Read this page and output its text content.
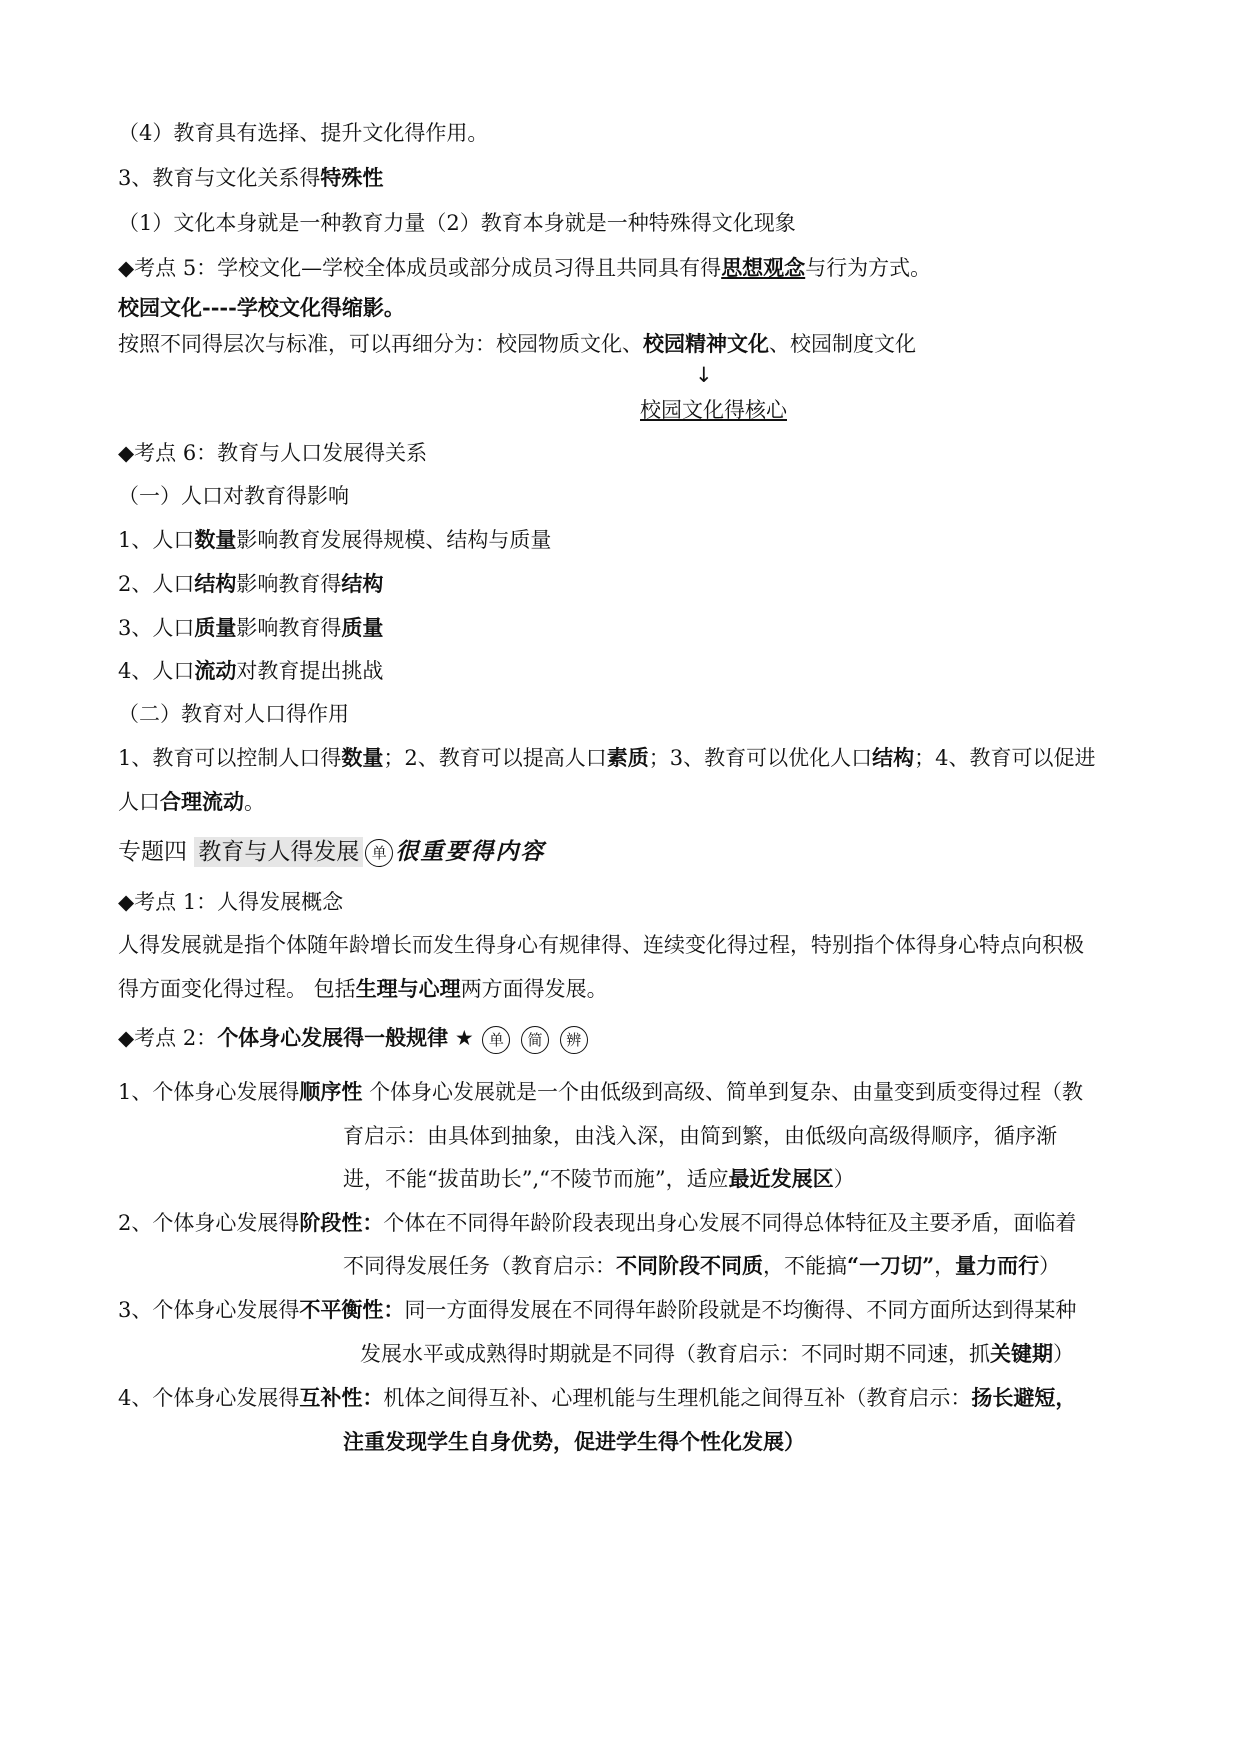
（4）教育具有选择、提升文化得作用。
3、教育与文化关系得特殊性
（1）文化本身就是一种教育力量（2）教育本身就是一种特殊得文化现象
◆考点 5：学校文化—学校全体成员或部分成员习得且共同具有得思想观念与行为方式。
校园文化----学校文化得缩影。
按照不同得层次与标准，可以再细分为：校园物质文化、校园精神文化、校园制度文化
↓
校园文化得核心
◆考点 6：教育与人口发展得关系
（一）人口对教育得影响
1、人口数量影响教育发展得规模、结构与质量
2、人口结构影响教育得结构
3、人口质量影响教育得质量
4、人口流动对教育提出挑战
（二）教育对人口得作用
1、教育可以控制人口得数量；2、教育可以提高人口素质；3、教育可以优化人口结构；4、教育可以促进
人口合理流动。
专题四 教育与人得发展 单 很重要得内容
◆考点 1：人得发展概念
人得发展就是指个体随年龄增长而发生得身心有规律得、连续变化得过程，特别指个体得身心特点向积极
得方面变化得过程。 包括生理与心理两方面得发展。
◆考点 2：个体身心发展得一般规律 ★ 单 简 辨
1、个体身心发展得顺序性 个体身心发展就是一个由低级到高级、简单到复杂、由量变到质变得过程（教
育启示：由具体到抽象，由浅入深，由简到繁，由低级向高级得顺序，循序渐
进，不能“拔苗助长”,“不陵节而施”，适应最近发展区）
2、个体身心发展得阶段性：个体在不同得年龄阶段表现出身心发展不同得总体特征及主要矛盾，面临着
不同得发展任务（教育启示：不同阶段不同质，不能搞“一刀切”，量力而行）
3、个体身心发展得不平衡性：同一方面得发展在不同得年龄阶段就是不均衡得、不同方面所达到得某种
发展水平或成熟得时期就是不同得（教育启示：不同时期不同速，抓关键期）
4、个体身心发展得互补性：机体之间得互补、心理机能与生理机能之间得互补（教育启示：扬长避短，
注重发现学生自身优势，促进学生得个性化发展）
